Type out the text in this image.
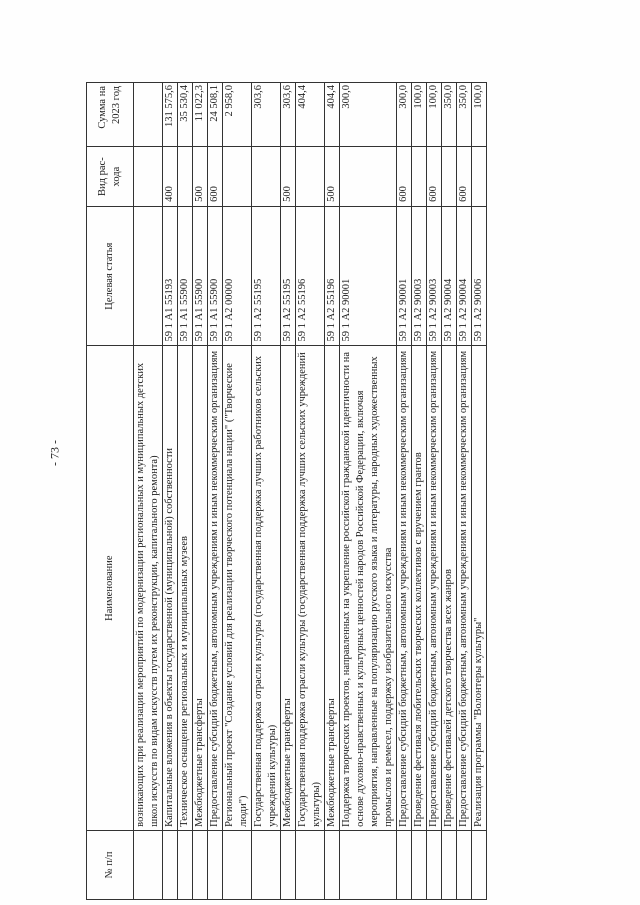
- 73 -
№ п/п	Наименование	Целевая статья	Вид рас- хода	Сумма на 2023 год
	возникающих при реализации мероприятий по модернизации региональных и муниципальных детских школ искусств по видам искусств путем их реконструкции, капитального ремонта)			
	Капитальные вложения в объекты государственной (муниципальной) собственности	59 1 А1 55193	400	131 575,6
	Техническое оснащение региональных и муниципальных музеев	59 1 А1 55900		35 530,4
	Межбюджетные трансферты	59 1 А1 55900	500	11 022,3
	Предоставление субсидий бюджетным, автономным учреждениям и иным некоммерческим организациям	59 1 А1 55900	600	24 508,1
	Региональный проект "Создание условий для реализации творческого потенциала нации" ("Творческие люди")	59 1 А2 00000		2 958,0
	Государственная поддержка отрасли культуры (государственная поддержка лучших работников сельских учреждений культуры)	59 1 А2 55195		303,6
	Межбюджетные трансферты	59 1 А2 55195	500	303,6
	Государственная поддержка отрасли культуры (государственная поддержка лучших сельских учреждений культуры)	59 1 А2 55196		404,4
	Межбюджетные трансферты	59 1 А2 55196	500	404,4
	Поддержка творческих проектов, направленных на укрепление российской гражданской идентичности на основе духовно-нравственных и культурных ценностей народов Российской Федерации, включая мероприятия, направленные на популяризацию русского языка и литературы, народных художественных промыслов и ремесел, поддержку изобразительного искусства	59 1 А2 90001		300,0
	Предоставление субсидий бюджетным, автономным учреждениям и иным некоммерческим организациям	59 1 А2 90001	600	300,0
	Проведение фестиваля любительских творческих коллективов с вручением грантов	59 1 А2 90003		100,0
	Предоставление субсидий бюджетным, автономным учреждениям и иным некоммерческим организациям	59 1 А2 90003	600	100,0
	Проведение фестивалей детского творчества всех жанров	59 1 А2 90004		350,0
	Предоставление субсидий бюджетным, автономным учреждениям и иным некоммерческим организациям	59 1 А2 90004	600	350,0
	Реализация программы "Волонтеры культуры"	59 1 А2 90006		100,0
